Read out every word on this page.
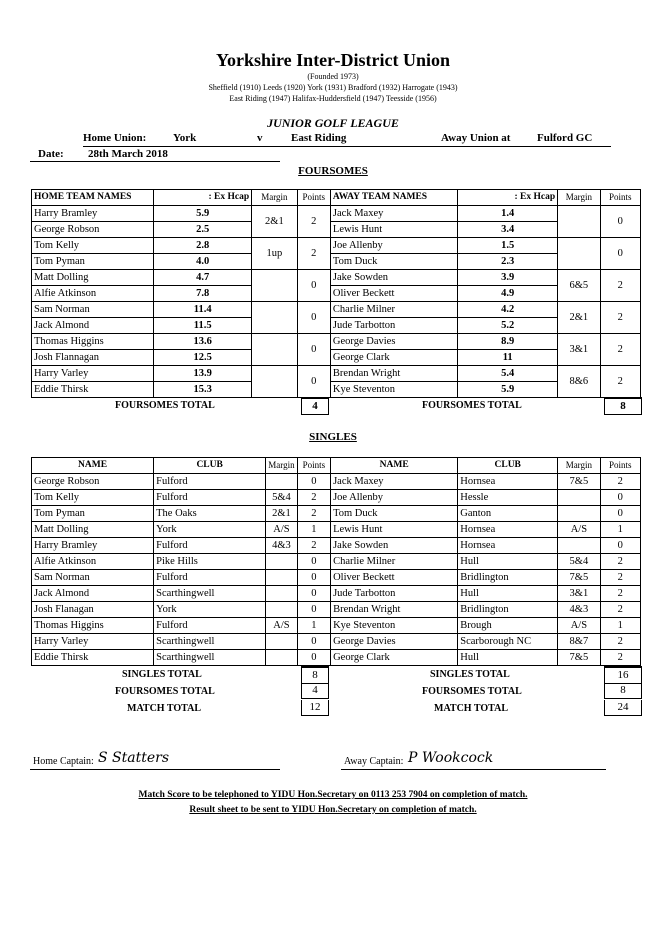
Yorkshire Inter-District Union
(Founded 1973)
Sheffield (1910) Leeds (1920) York (1931) Bradford (1932) Harrogate (1943)
East Riding (1947) Halifax-Huddersfield (1947) Teesside (1956)
JUNIOR GOLF LEAGUE
Home Union: York	v	East Riding	Away Union at Fulford GC
Date: 28th March 2018
FOURSOMES
HOME TEAM NAMES	: Ex Hcap	Margin	Points	AWAY TEAM NAMES	: Ex Hcap	Margin	Points
Harry Bramley	5.9	2&1	2	Jack Maxey	1.4		0
George Robson	2.5			Lewis Hunt	3.4		
Tom Kelly	2.8	1up	2	Joe Allenby	1.5		0
Tom Pyman	4.0			Tom Duck	2.3		
Matt Dolling	4.7		0	Jake Sowden	3.9	6&5	2
Alfie Atkinson	7.8			Oliver Beckett	4.9		
Sam Norman	11.4		0	Charlie Milner	4.2	2&1	2
Jack Almond	11.5			Jude Tarbotton	5.2		
Thomas Higgins	13.6		0	George Davies	8.9	3&1	2
Josh Flannagan	12.5			George Clark	11		
Harry Varley	13.9		0	Brendan Wright	5.4	8&6	2
Eddie Thirsk	15.3			Kye Steventon	5.9		
FOURSOMES TOTAL	4	FOURSOMES TOTAL	8
SINGLES
NAME	CLUB	Margin	Points	NAME	CLUB	Margin	Points
George Robson	Fulford		0	Jack Maxey	Hornsea	7&5	2
Tom Kelly	Fulford	5&4	2	Joe Allenby	Hessle		0
Tom Pyman	The Oaks	2&1	2	Tom Duck	Ganton		0
Matt Dolling	York	A/S	1	Lewis Hunt	Hornsea	A/S	1
Harry Bramley	Fulford	4&3	2	Jake Sowden	Hornsea		0
Alfie Atkinson	Pike Hills		0	Charlie Milner	Hull	5&4	2
Sam Norman	Fulford		0	Oliver Beckett	Bridlington	7&5	2
Jack Almond	Scarthingwell		0	Jude Tarbotton	Hull	3&1	2
Josh Flanagan	York		0	Brendan Wright	Bridlington	4&3	2
Thomas Higgins	Fulford	A/S	1	Kye Steventon	Brough	A/S	1
Harry Varley	Scarthingwell		0	George Davies	Scarborough NC	8&7	2
Eddie Thirsk	Scarthingwell		0	George Clark	Hull	7&5	2
SINGLES TOTAL	8	SINGLES TOTAL	16
FOURSOMES TOTAL	4	FOURSOMES TOTAL	8
MATCH TOTAL	12	MATCH TOTAL	24
Home Captain: S Statters	Away Captain: P Wookcock
Match Score to be telephoned to YIDU Hon.Secretary on 0113 253 7904 on completion of match.
Result sheet to be sent to YIDU Hon.Secretary on completion of match.
